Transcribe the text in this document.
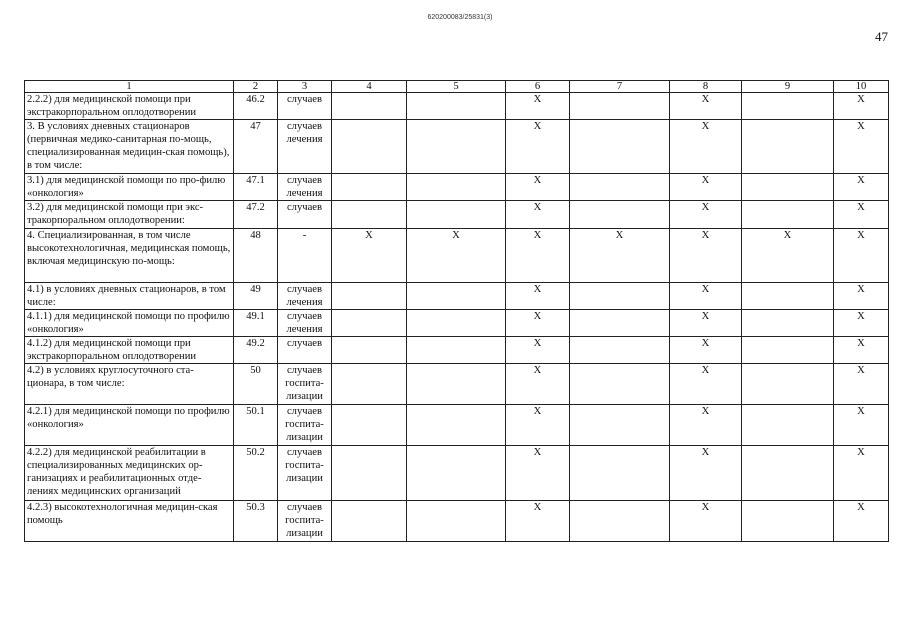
620200083/25831(3)
47
1	2	3	4	5	6	7	8	9	10
2.2.2) для медицинской помощи при экстракорпоральном оплодотворении	46.2	случаев			X		X		X
3. В условиях дневных стационаров (первичная медико-санитарная по-мощь, специализированная медицин-ская помощь), в том числе:	47	случаев лечения			X		X		X
3.1) для медицинской помощи по про-филю «онкология»	47.1	случаев лечения			X		X		X
3.2) для медицинской помощи при экс-тракорпоральном оплодотворении:	47.2	случаев			X		X		X
4. Специализированная, в том числе высокотехнологичная, медицинская помощь, включая медицинскую по-мощь:	48	-	X	X	X	X	X	X	X
4.1) в условиях дневных стационаров, в том числе:	49	случаев лечения			X		X		X
4.1.1) для медицинской помощи по профилю «онкология»	49.1	случаев лечения			X		X		X
4.1.2) для медицинской помощи при экстракорпоральном оплодотворении	49.2	случаев			X		X		X
4.2) в условиях круглосуточного ста-ционара, в том числе:	50	случаев госпита-лизации			X		X		X
4.2.1) для медицинской помощи по профилю «онкология»	50.1	случаев госпита-лизации			X		X		X
4.2.2) для медицинской реабилитации в специализированных медицинских ор-ганизациях и реабилитационных отде-лениях медицинских организаций	50.2	случаев госпита-лизации			X		X		X
4.2.3) высокотехнологичная медицин-ская помощь	50.3	случаев госпита-лизации			X		X		X
